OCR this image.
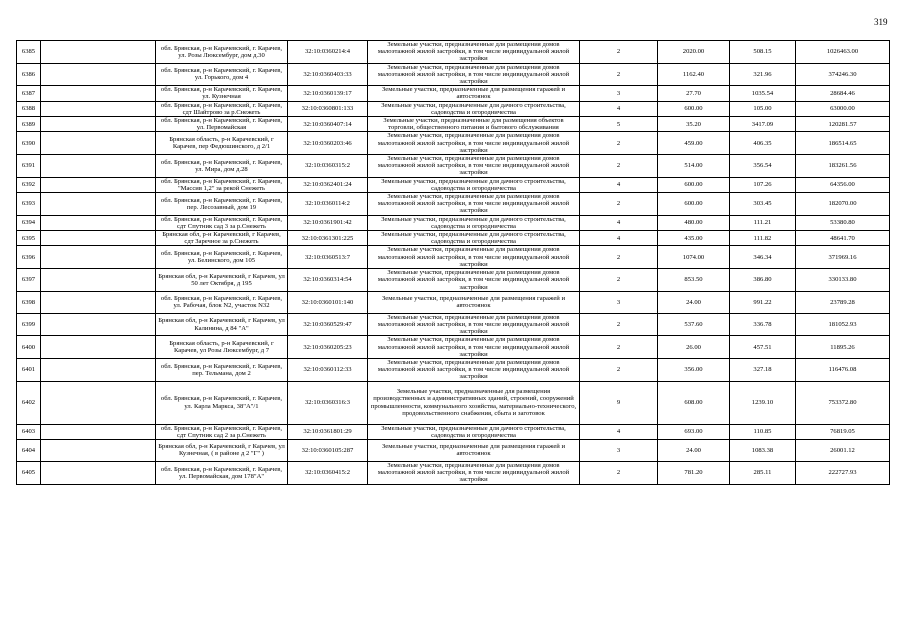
319
6385		обл. Брянская, р-н Карачевский, г. Карачев, ул. Розы Люксембург, дом д.30	32:10:0360214:4	Земельные участки, предназначенные для размещения домов малоэтажной жилой застройки, в том числе индивидуальной жилой застройки	2	2020.00	508.15	1026463.00
6386		обл. Брянская, р-н Карачевский, г. Карачев, ул. Горького, дом 4	32:10:0360403:33	Земельные участки, предназначенные для размещения домов малоэтажной жилой застройки, в том числе индивидуальной жилой застройки	2	1162.40	321.96	374246.30
6387		обл. Брянская, р-н Карачевский, г. Карачев, ул. Кузнечная	32:10:0360139:17	Земельные участки, предназначенные для размещения гаражей и автостоянок	3	27.70	1035.54	28684.46
6388		обл. Брянская, р-н Карачевский, г. Карачев, сдт Шайтрово за р.Снежеть	32:10:0360801:133	Земельные участки, предназначенные для дачного строительства, садоводства и огородничества	4	600.00	105.00	63000.00
6389		обл. Брянская, р-н Карачевский, г. Карачев, ул. Первомайская	32:10:0360407:14	Земельные участки, предназначенные для размещения объектов торговли, общественного питания и бытового обслуживания	5	35.20	3417.09	120281.57
6390		Брянская область, р-н Карачевский, г Карачев, пер Федюшинского, д 2/1	32:10:0360203:46	Земельные участки, предназначенные для размещения домов малоэтажной жилой застройки, в том числе индивидуальной жилой застройки	2	459.00	406.35	186514.65
6391		обл. Брянская, р-н Карачевский, г. Карачев, ул. Мира, дом д.28	32:10:0360315:2	Земельные участки, предназначенные для размещения домов малоэтажной жилой застройки, в том числе индивидуальной жилой застройки	2	514.00	356.54	183261.56
6392		обл. Брянская, р-н Карачевский, г. Карачев, "Массив 1,2" за рекой Снежеть	32:10:0362401:24	Земельные участки, предназначенные для дачного строительства, садоводства и огородничества	4	600.00	107.26	64356.00
6393		обл. Брянская, р-н Карачевский, г. Карачев, пер. Лесозавный, дом 19	32:10:0360114:2	Земельные участки, предназначенные для размещения домов малоэтажной жилой застройки, в том числе индивидуальной жилой застройки	2	600.00	303.45	182070.00
6394		обл. Брянская, р-н Карачевский, г. Карачев, сдт Спутник сад 3 за р.Снежеть	32:10:0361901:42	Земельные участки, предназначенные для дачного строительства, садоводства и огородничества	4	480.00	111.21	53380.80
6395		Брянская обл, р-н Карачевский, г Карачев, сдт Заречное за р.Снежеть	32:10:0361301:225	Земельные участки, предназначенные для дачного строительства, садоводства и огородничества	4	435.00	111.82	48641.70
6396		обл. Брянская, р-н Карачевский, г. Карачев, ул. Белинского, дом 105	32:10:0360513:7	Земельные участки, предназначенные для размещения домов малоэтажной жилой застройки, в том числе индивидуальной жилой застройки	2	1074.00	346.34	371969.16
6397		Брянская обл, р-н Карачевский, г Карачев, ул 50 лет Октября, д 195	32:10:0360314:54	Земельные участки, предназначенные для размещения домов малоэтажной жилой застройки, в том числе индивидуальной жилой застройки	2	853.50	386.80	330133.80
6398		обл. Брянская, р-н Карачевский, г. Карачев, ул. Рабочая, блок N2, участок N32	32:10:0360101:140	Земельные участки, предназначенные для размещения гаражей и автостоянок	3	24.00	991.22	23789.28
6399		Брянская обл, р-н Карачевский, г Карачев, ул Калинина, д 84 "А"	32:10:0360529:47	Земельные участки, предназначенные для размещения домов малоэтажной жилой застройки, в том числе индивидуальной жилой застройки	2	537.60	336.78	181052.93
6400		Брянская область, р-н Карачевский, г Карачев, ул Розы Люксембург, д 7	32:10:0360205:23	Земельные участки, предназначенные для размещения домов малоэтажной жилой застройки, в том числе индивидуальной жилой застройки	2	26.00	457.51	11895.26
6401		обл. Брянская, р-н Карачевский, г. Карачев, пер. Тельмана, дом 2	32:10:0360112:33	Земельные участки, предназначенные для размещения домов малоэтажной жилой застройки, в том числе индивидуальной жилой застройки	2	356.00	327.18	116476.08
6402		обл. Брянская, р-н Карачевский, г. Карачев, ул. Карла Маркса, 38"А"/1	32:10:0360316:3	Земельные участки, предназначенные для размещения производственных и административных зданий, строений, сооружений промышленности, коммунального хозяйства, материально-технического, продовольственного снабжения, сбыта и заготовок	9	608.00	1239.10	753372.80
6403		обл. Брянская, р-н Карачевский, г. Карачев, сдт Спутник сад 2 за р.Снежеть	32:10:0361801:29	Земельные участки, предназначенные для дачного строительства, садоводства и огородничества	4	693.00	110.85	76819.05
6404		Брянская обл, р-н Карачевский, г Карачев, ул Кузнечная, ( в районе д 2 "Г" )	32:10:0360105:287	Земельные участки, предназначенные для размещения гаражей и автостоянок	3	24.00	1083.38	26001.12
6405		обл. Брянская, р-н Карачевский, г. Карачев, ул. Первомайская, дом 178"А"	32:10:0360415:2	Земельные участки, предназначенные для размещения домов малоэтажной жилой застройки, в том числе индивидуальной жилой застройки	2	781.20	285.11	222727.93
